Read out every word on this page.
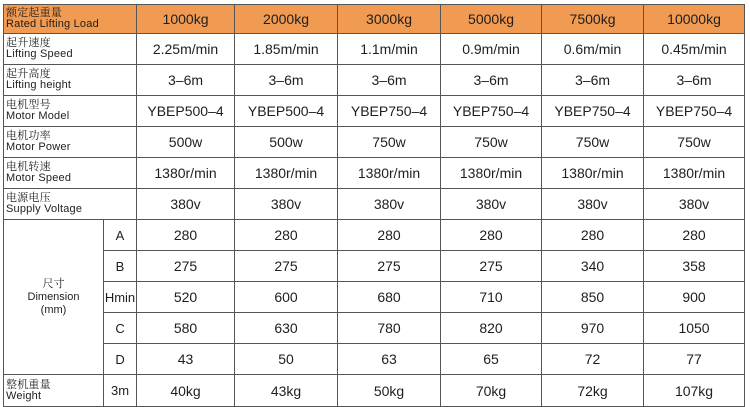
额定起重量
Rated Lifting Load		1000kg	2000kg	3000kg	5000kg	7500kg	10000kg

起升速度
Lifting Speed		2.25m/min	1.85m/min	1.1m/min	0.9m/min	0.6m/min	0.45m/min

起升高度
Lifting height		3–6m	3–6m	3–6m	3–6m	3–6m	3–6m

电机型号
Motor Model		YBEP500–4	YBEP500–4	YBEP750–4	YBEP750–4	YBEP750–4	YBEP750–4

电机功率
Motor Power		500w	500w	750w	750w	750w	750w

电机转速
Motor Speed		1380r/min	1380r/min	1380r/min	1380r/min	1380r/min	1380r/min

电源电压
Supply Voltage		380v	380v	380v	380v	380v	380v

尺寸
Dimension
(mm)	A	280	280	280	280	280	280
	B	275	275	275	275	340	358
	Hmin	520	600	680	710	850	900
	C	580	630	780	820	970	1050
	D	43	50	63	65	72	77

整机重量
Weight	3m	40kg	43kg	50kg	70kg	72kg	107kg
